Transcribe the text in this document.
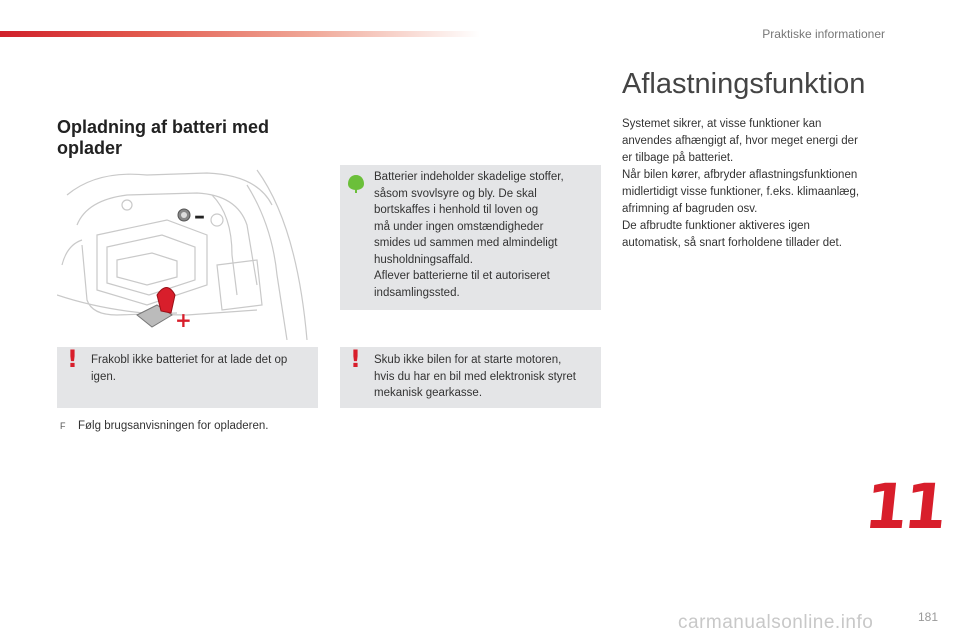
Praktiske informationer
Opladning af batteri med oplader
–
+
Batterier indeholder skadelige stoffer,
såsom svovlsyre og bly. De skal
bortskaffes i henhold til loven og
må under ingen omstændigheder
smides ud sammen med almindeligt
husholdningsaffald.
Aflever batterierne til et autoriseret
indsamlingssted.
! Frakobl ikke batteriet for at lade det op
igen.
! Skub ikke bilen for at starte motoren,
hvis du har en bil med elektronisk styret
mekanisk gearkasse.
F Følg brugsanvisningen for opladeren.
Aflastningsfunktion
Systemet sikrer, at visse funktioner kan
anvendes afhængigt af, hvor meget energi der
er tilbage på batteriet.
Når bilen kører, afbryder aflastningsfunktionen
midlertidigt visse funktioner, f.eks. klimaanlæg,
afrimning af bagruden osv.
De afbrudte funktioner aktiveres igen
automatisk, så snart forholdene tillader det.
11
181
carmanualsonline.info
